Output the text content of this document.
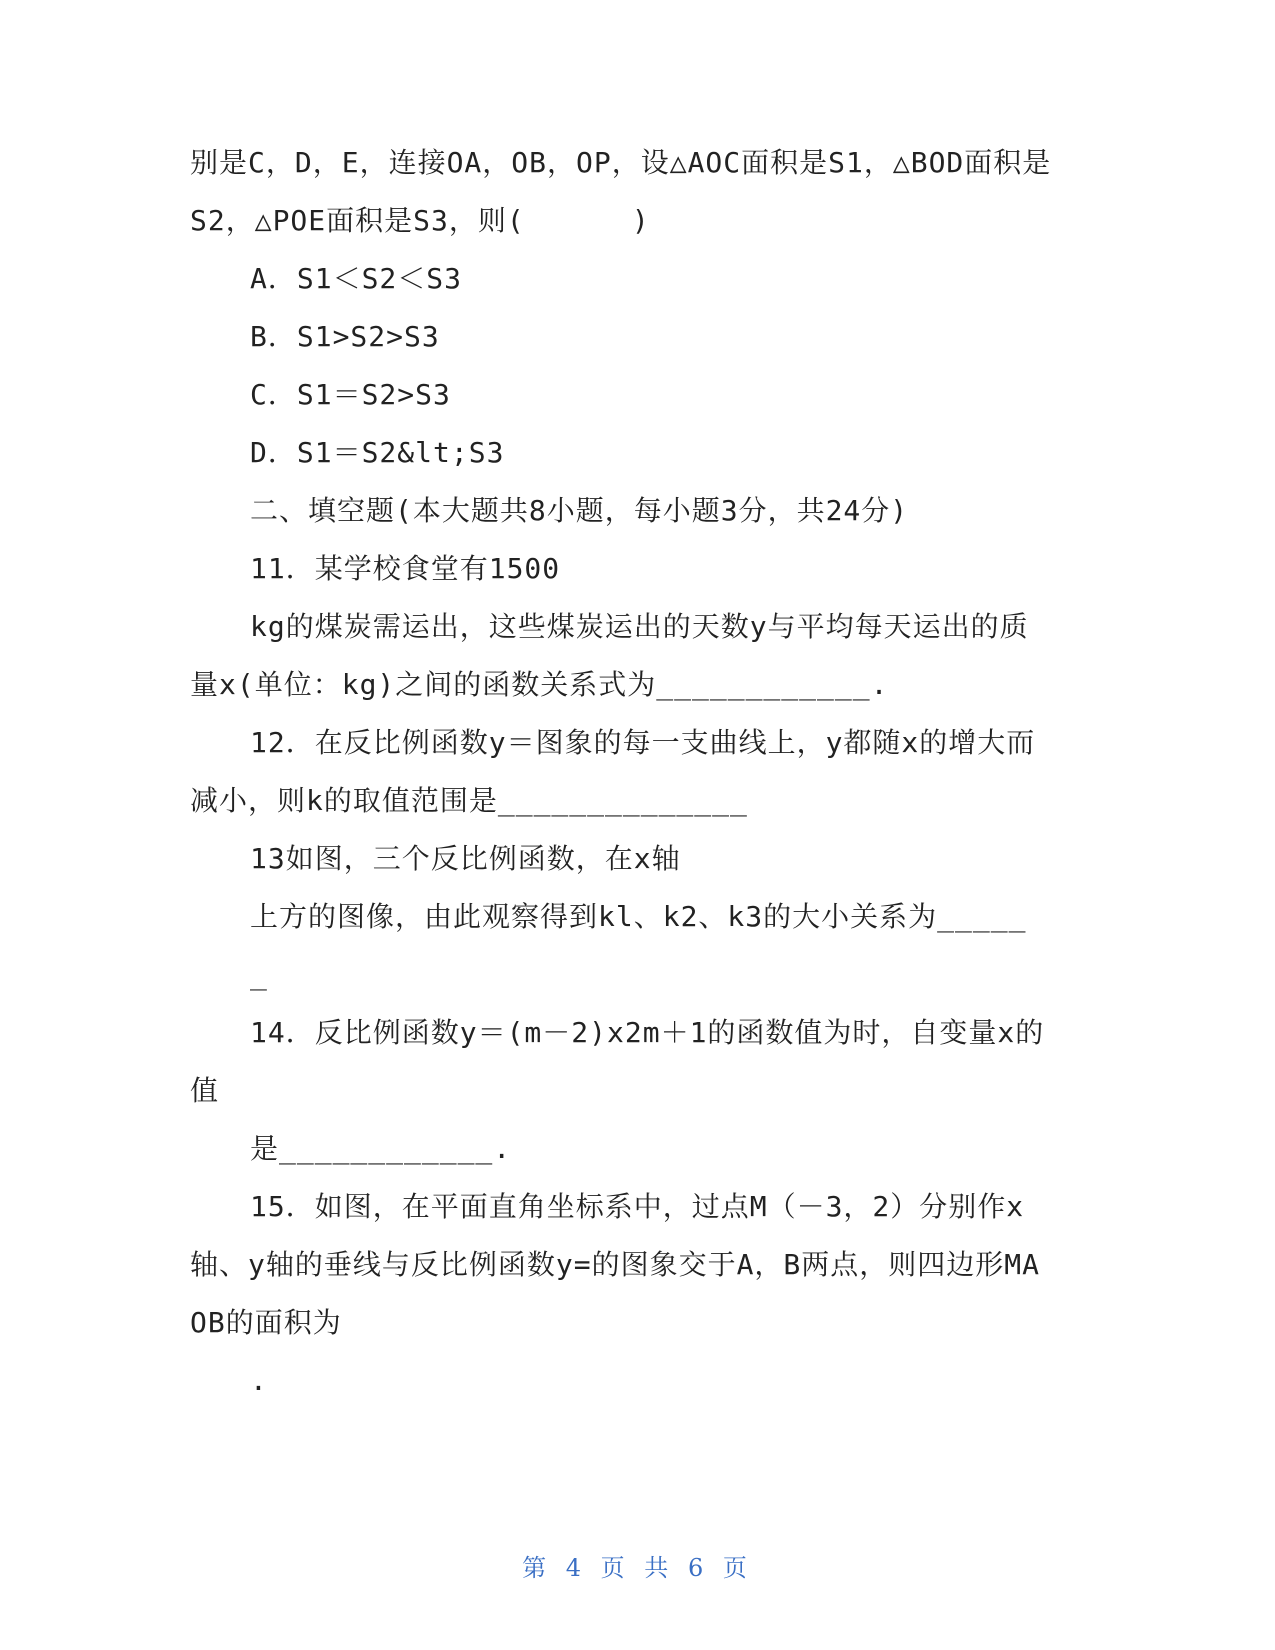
别是C，D，E，连接OA，OB，OP，设△AOC面积是S1，△BOD面积是
S2，△POE面积是S3，则(      )
A．S1＜S2＜S3
B．S1>S2>S3
C．S1＝S2>S3
D．S1＝S2&lt;S3
二、填空题(本大题共8小题，每小题3分，共24分)
11．某学校食堂有1500
kg的煤炭需运出，这些煤炭运出的天数y与平均每天运出的质
量x(单位：kg)之间的函数关系式为____________.
12．在反比例函数y＝图象的每一支曲线上，y都随x的增大而
减小，则k的取值范围是______________
13如图，三个反比例函数，在x轴
上方的图像，由此观察得到kl、k2、k3的大小关系为_____
_
14．反比例函数y＝(m－2)x2m＋1的函数值为时，自变量x的
值
是____________.
15．如图，在平面直角坐标系中，过点M（－3，2）分别作x
轴、y轴的垂线与反比例函数y=的图象交于A，B两点，则四边形MA
OB的面积为
.
第 4 页 共 6 页
